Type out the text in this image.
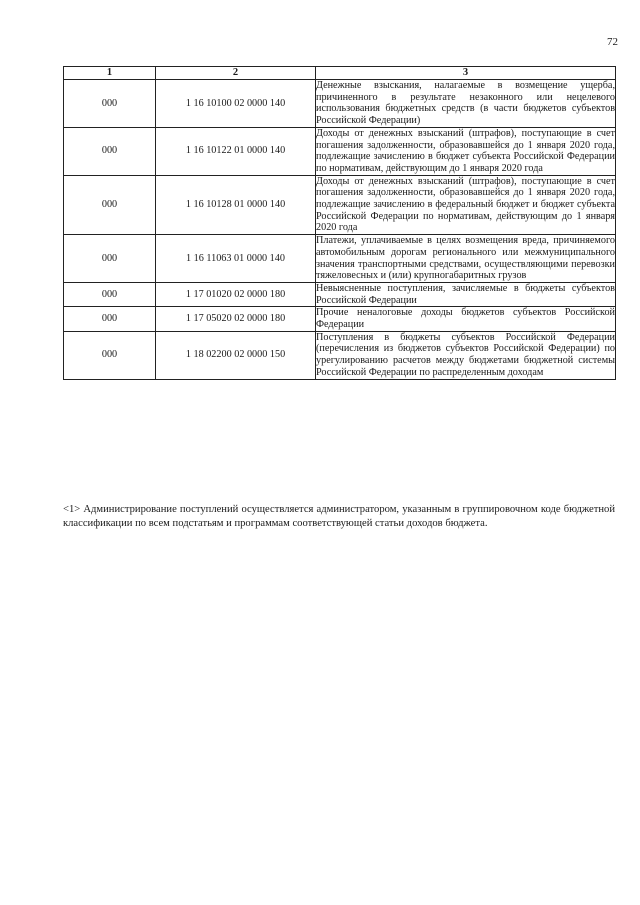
72
1	2	3
000	1 16 10100 02 0000 140	Денежные взыскания, налагаемые в возмещение ущерба, причиненного в результате незаконного или нецелевого использования бюджетных средств (в части бюджетов субъектов Российской Федерации)
000	1 16 10122 01 0000 140	Доходы от денежных взысканий (штрафов), поступающие в счет погашения задолженности, образовавшейся до 1 января 2020 года, подлежащие зачислению в бюджет субъекта Российской Федерации по нормативам, действующим до 1 января 2020 года
000	1 16 10128 01 0000 140	Доходы от денежных взысканий (штрафов), поступающие в счет погашения задолженности, образовавшейся до 1 января 2020 года, подлежащие зачислению в федеральный бюджет и бюджет субъекта Российской Федерации по нормативам, действующим до 1 января 2020 года
000	1 16 11063 01 0000 140	Платежи, уплачиваемые в целях возмещения вреда, причиняемого автомобильным дорогам регионального или межмуниципального значения транспортными средствами, осуществляющими перевозки тяжеловесных и (или) крупногабаритных грузов
000	1 17 01020 02 0000 180	Невыясненные поступления, зачисляемые в бюджеты субъектов Российской Федерации
000	1 17 05020 02 0000 180	Прочие неналоговые доходы бюджетов субъектов Российской Федерации
000	1 18 02200 02 0000 150	Поступления в бюджеты субъектов Российской Федерации (перечисления из бюджетов субъектов Российской Федерации) по урегулированию расчетов между бюджетами бюджетной системы Российской Федерации по распределенным доходам

<1> Администрирование поступлений осуществляется администратором, указанным в группировочном коде бюджетной классификации по всем подстатьям и программам соответствующей статьи доходов бюджета.
